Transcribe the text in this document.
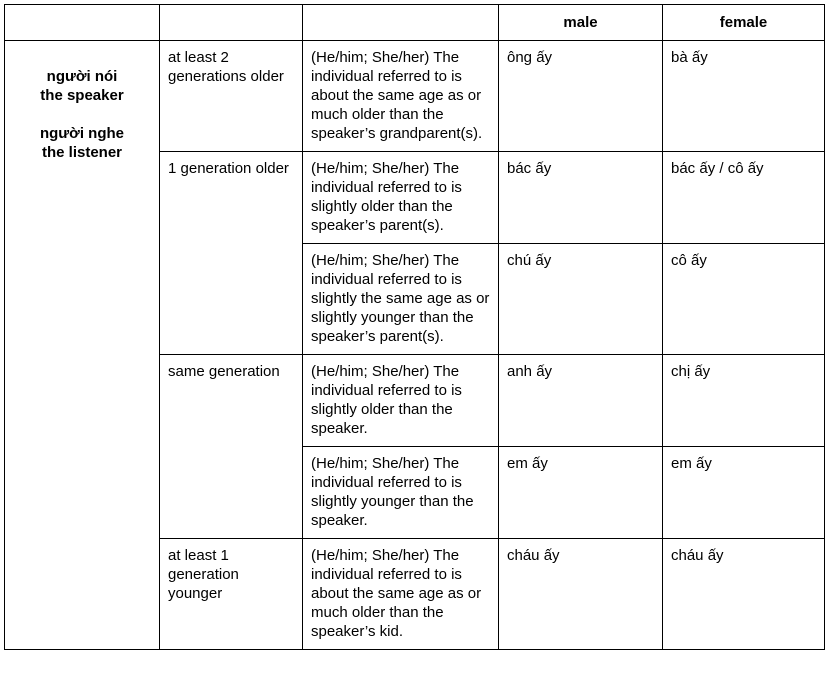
			male	female

người nói
the speaker
người nghe
the listener	at least 2 generations older	(He/him; She/her) The individual referred to is about the same age as or much older than the speaker’s grandparent(s).	ông ấy	bà ấy
	1 generation older	(He/him; She/her) The individual referred to is slightly older than the speaker’s parent(s).	bác ấy	bác ấy / cô ấy
		(He/him; She/her) The individual referred to is slightly the same age as or slightly younger than the speaker’s parent(s).	chú ấy	cô ấy
	same generation	(He/him; She/her) The individual referred to is slightly older than the speaker.	anh ấy	chị ấy
		(He/him; She/her) The individual referred to is slightly younger than the speaker.	em ấy	em ấy
	at least 1 generation younger	(He/him; She/her) The individual referred to is about the same age as or much older than the speaker’s kid.	cháu ấy	cháu ấy
